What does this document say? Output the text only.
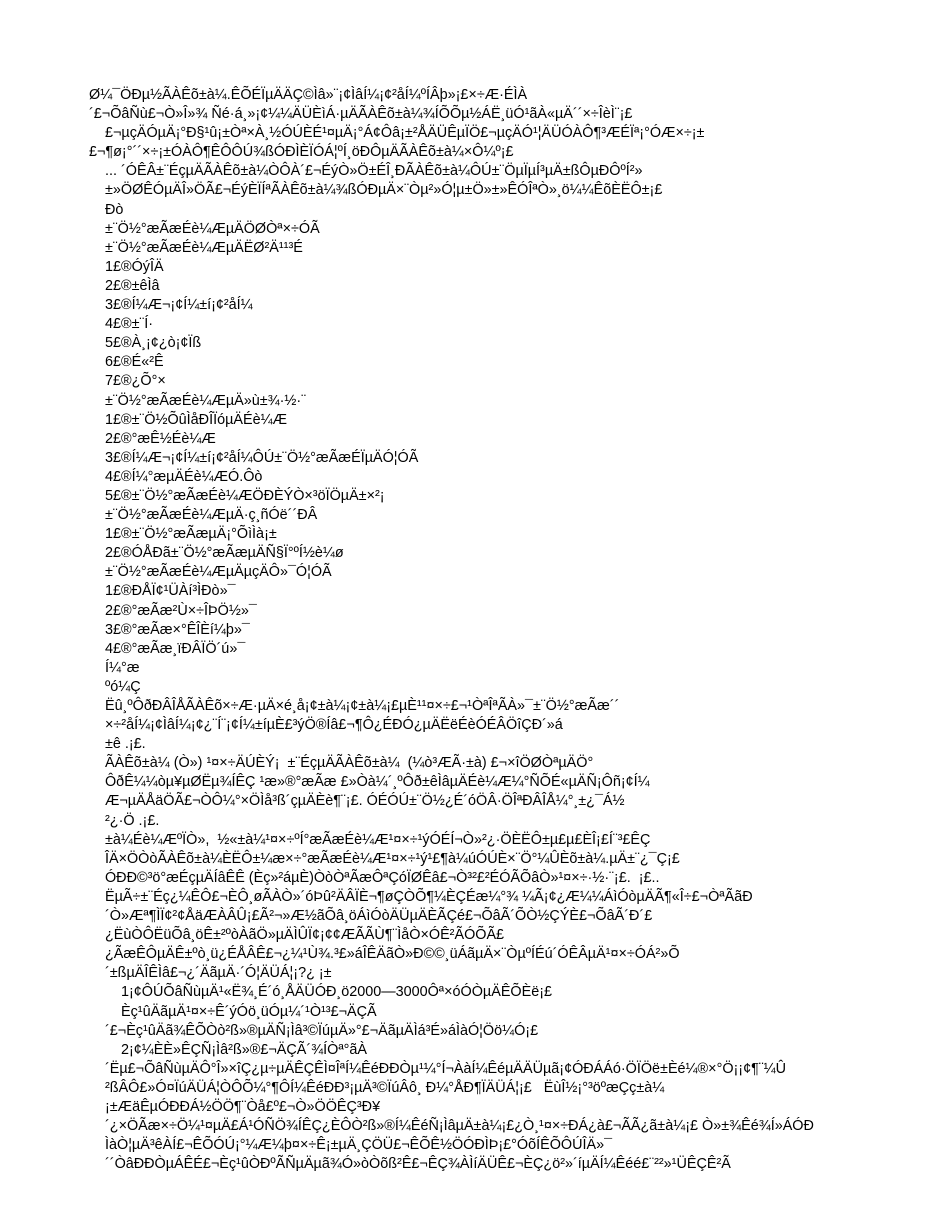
Ø¼¯ÖÐµ½ÃÀÊõ±à¼.ÊÕÉÏµÄÄÇ©Ìâ»¨¡¢ÌâÍ¼¡¢²åÍ¼ºÍÂþ»¡£×÷Æ·ÉÌÀ
´£¬ÕâÑù£¬Ò»Î»¾ Ñé·á¸»¡¢¼¼ÄÜÈìÁ·µÄÃÀÊõ±à¼¾ÍÕÕµ½ÁË¸üÓ¹ãÀ«µÄ´´×÷ÎèÌ¨¡£
£¬µçÄÓµÄ¡°Ð§¹û¡±Òª×À¸½ÓÚÈÉ¹¤µÄ¡°Á¢Ôâ¡±²ÅÄÜÊµÏÖ£¬µçÄÓ¹¦ÄÜÓÀÔ¶³ÆÉÏª¡°ÓÆ×÷¡±
£¬¶ø¡°´´×÷¡±ÓÀÔ¶ÊÔÔÚ¾ßÓÐÌÈÏÓÁ¦ºÍ¸öÐÔµÄÃÀÊõ±à¼×Ô¼º¡£
... ´ÓÊÂ±¨ÉçµÄÃÀÊõ±à¼ÒÔÀ´£¬ÉýÒ»Ö±ÉÎ¸ÐÃÀÊõ±à¼ÔÚ±¨ÖµÏµÍ³µÄ±ßÔµÐÔºÍ²»
±»ÖØÊÓµÄÎ»ÖÃ£¬ÉýÈÏÍªÃÀÊõ±à¼¾ßÓÐµÄ×¨Òµ²»Ó¦µ±Ö»±»ÊÓÎªÒ»¸ö¼¼ÊõÈËÔ±¡£
Ðò
±¨Ö½°æÃæÉè¼ÆµÄÖØÒª×÷ÓÃ
±¨Ö½°æÃæÉè¼ÆµÄËØ²Ä¹¹³É
1£®ÓýÎÄ
2£®±êÌâ
3£®Í¼Æ¬¡¢Í¼±í¡¢²åÍ¼
4£®±¨Í·
5£®À¸¡¢¿ò¡¢Ïß
6£®É«²Ê
7£®¿Õ°×
±¨Ö½°æÃæÉè¼ÆµÄ»ù±¾·½·¨
1£®±¨Ö½ÕûÌåÐÎÏóµÄÉè¼Æ
2£®°æÊ½Éè¼Æ
3£®Í¼Æ¬¡¢Í¼±í¡¢²åÍ¼ÔÚ±¨Ö½°æÃæÉÏµÄÓ¦ÓÃ
4£®Í¼°æµÄÉè¼ÆÓ.Ôò
5£®±¨Ö½°æÃæÉè¼ÆÖÐÈÝÒ×³öÏÖµÄ±×²¡
±¨Ö½°æÃæÉè¼ÆµÄ·ç¸ñÓë´´ÐÂ
1£®±¨Ö½°æÃæµÄ¡°ÕìÌà¡±
2£®ÓÅÐã±¨Ö½°æÃæµÄÑ§Ï°ºÍ½è¼ø
±¨Ö½°æÃæÉè¼ÆµÄµçÄÔ»¯Ó¦ÓÃ
1£®ÐÅÏ¢¹ÜÀí³ÌÐò»¯
2£®°æÃæ²Ù×÷ÎÞÖ½»¯
3£®°æÃæ×°ÊÎÈí¼þ»¯
4£®°æÃæ¸ïÐÂÏÖ´ú»¯
Í¼°æ
ºó¼Ç
Ëû¸ºÔðÐÂÎÅÃÀÊõ×÷Æ·µÄ×é¸å¡¢±à¼¡¢±à¼¡£µÈ¹¹¤×÷£¬¹ÒªÎªÃÀ»¯±¨Ö½°æÃæ´´
×÷²åÍ¼¡¢ÌâÍ¼¡¢¿¨Í¨¡¢Í¼±íµÈ£³ýÖ®Íâ£¬¶Ô¿ÉÐÓ¿µÄËëÉèÓÉÂÖîÇÐ´»á
±ê .¡£.
ÃÀÊõ±à¼ (Ò») ¹¤×÷ÄÚÈÝ¡  ±¨ÉçµÄÃÀÊõ±à¼  (¼ò³ÆÃ·±à) £¬×îÖØÒªµÄÖ°
ÔðÊ¼¼òµ¥µØËµ¾ÍÊÇ ¹æ»®°æÃæ £»Òà¼´¸ºÔð±êÌâµÄÉè¼Æ¼°ÑÕÉ«µÄÑ¡Ôñ¡¢Í¼
Æ¬µÄÅäÖÃ£¬ÒÔ¼°×ÖÌå³ß´çµÄÈè¶¨¡£. ÓÉÓÚ±¨Ö½¿É´óÖÂ·ÖÎªÐÂÎÅ¼°¸±¿¯Á½
²¿·Ö .¡£.
±à¼Éè¼ÆºÏÒ»,  ½«±à¼¹¤×÷ºÍ°æÃæÉè¼Æ¹¤×÷¹ýÓÉÍ¬Ò»²¿·ÖÈËÔ±µ£µ£ÈÎ¡£Í¨³£ÊÇ
ÎÄ×ÖÒòÃÀÊõ±à¼ÈËÔ±¼æ×÷°æÃæÉè¼Æ¹¤×÷¹ý¹£¶à¼úÓÚÈ×¨Ö°¼ÛÈõ±à¼.µÄ±¨¿¯Ç¡£
ÓÐÐ©³ö°æÉçµÄÍâÊÊ (Èç»²áµÈ)ÒòÒªÃæÔªÇóÏØÊâ£¬Ò³²£²ÉÓÃÕâÒ»¹¤×÷·½·¨¡£.  ¡£..
ËµÃ÷±¨Éç¿¼ÊÔ£¬ÈÔ¸øÃÀÒ»´óÞû²ÄÂÏÈ¬¶øÇÒÕ¶¼ÈÇÉæ¼°¾ ¼Ã¡¢¿Æ¼¼ÁìÓòµÄÃ¶«Î÷£¬ÒªÃãÐ
´Ò»Æª¶ÌÏ¢²¢ÅäÆÀÂÛ¡£Ã²¬»Æ½ãÕâ¸öÁìÓòÄÜµÄÈÃÇé£¬ÕâÃ´ÕÒ½ÇÝÈ£¬ÕâÃ´Ð´£
¿ËùÒÔËüÕâ¸öÊ±²ºòÀãÖ»µÄÌÛÏ¢¡¢¢ÆÃÃÙ¶¨ÌåÒ×ÓÊ²ÃÓÕÃ£
¿ÃæÊÔµÄÊ±ºò¸ü¿ÉÅÂÊ£¬¿¼¹Ù¾.³£»áÎÊÄãÒ»Ð©©¸üÁãµÄ×¨ÒµºÍÉú´ÓÊÂµÄ¹¤×÷ÓÁ²»Õ
´±ßµÄÎÊÌâ£¬¿´ÄãµÄ·´Ó¦ÄÜÁ¦¡?¿ ¡±
1¡¢ÔÚÕâÑùµÄ¹«Ë¾¸É´ó¸ÅÄÜÓÐ¸ö2000—3000Ôª×óÓÒµÄÊÕÈë¡£
Èç¹ûÄãµÄ¹¤×÷Ê´ýÓö¸üÓµ¼´¹Ò¹³£¬ÄÇÃ
´£¬Èç¹ûÄã¾ÊÕÒò²ß»®µÄÑ¡Ìâ³©ÏúµÄ»°£¬ÄãµÄÌá³É»áÌàÓ¦Öö¼Ó¡£
2¡¢¼ÈÈ»ÊÇÑ¡Ìâ²ß»®£¬ÄÇÃ´¾ÍÒª°ãÀ
´Ëµ£¬ÕâÑùµÄÔ°Î»×îÇ¿µ÷µÄÊÇÊÌ¤ÎªÍ¼ÊéÐÐÒµ¹¼°Í¬ÀàÍ¼ÊéµÄÄÜµã¡¢ÓÐÁÁó·ÖÏÖë±Èé¼®×°Ö¡¡¢¶¨¼Û
²ßÂÔ£»Ó¤ÏúÄÜÁ¦ÒÔÕ¼°¶ÔÍ¼ÊéÐÐ³¡µÄ³©ÏúÂô¸ Ð¼°ÅÐ¶ÏÄÜÁ¦¡£   ËùÎ½¡°³öºæÇç±à¼
¡±ÆäÊµÓÐÐÁ½ÖÖ¶¨Òå£º£¬Ò»ÖÖÊÇ³Ð¥
´¿×ÖÃæ×÷Ö¼¹¤µÄ£Á¹ÓÑÖ¾ÍÊÇ¿ÈÔÒ²ß»®Í¼ÊéÑ¡ÌâµÄ±à¼¡£¿Ò¸¹¤×÷ÐÁ¿à£¬ÃÃ¿ã±à¼¡£ Ò»±¾Êé¾Í»ÁÓÐ
ÌàÒ¦µÄ³êÀÍ£¬ÊÕÓÚ¡°¼Æ¼þ¤×÷Ê¡±µÄ¸ÇÖÜ£¬ÊÕÊ½ÖÓÐÌÞ¡£°ÓõÍÊÕÔÚÎÄ»¯
´´ÒâÐÐÒµÁÊÉ£¬Èç¹ûÒÐºÃÑµÄµã¾Ó»òÒõß²Ê£¬ÊÇ¾ÀÌíÄÜÊ£¬ÈÇ¿ö²»´íµÄÍ¼Êéé£¨²²»¹ÜÊÇÊ²Ã
